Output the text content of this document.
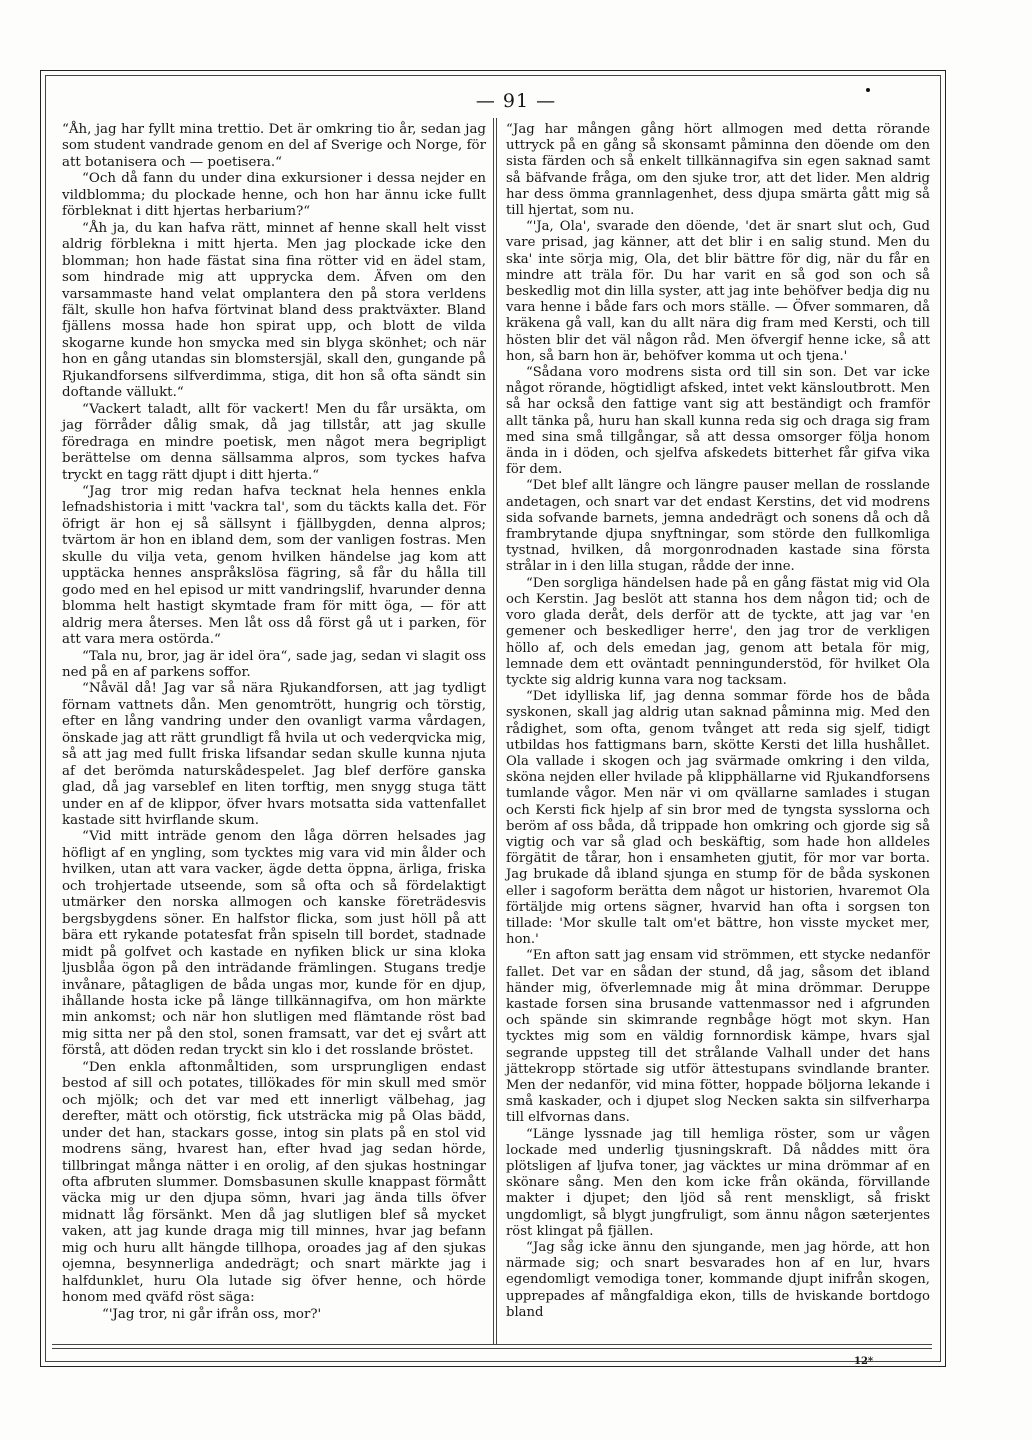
— 91 —

“Åh, jag har fyllt mina trettio. Det är omkring tio år, sedan jag som student vandrade genom en del af Sverige och Norge, för att botanisera och — poetisera.“

“Och då fann du under dina exkursioner i dessa nejder en vildblomma; du plockade henne, och hon har ännu icke fullt förbleknat i ditt hjertas herbarium?“

“Åh ja, du kan hafva rätt, minnet af henne skall helt visst aldrig förblekna i mitt hjerta. Men jag plockade icke den blomman; hon hade fästat sina fina rötter vid en ädel stam, som hindrade mig att upprycka dem. Äfven om den varsammaste hand velat omplantera den på stora verldens fält, skulle hon hafva förtvinat bland dess praktväxter. Bland fjällens mossa hade hon spirat upp, och blott de vilda skogarne kunde hon smycka med sin blyga skönhet; och när hon en gång utandas sin blomstersjäl, skall den, gungande på Rjukandforsens silfverdimma, stiga, dit hon så ofta sändt sin doftande vällukt.“

“Vackert taladt, allt för vackert! Men du får ursäkta, om jag förråder dålig smak, då jag tillstår, att jag skulle föredraga en mindre poetisk, men något mera begripligt berättelse om denna sällsamma alpros, som tyckes hafva tryckt en tagg rätt djupt i ditt hjerta.“

“Jag tror mig redan hafva tecknat hela hennes enkla lefnadshistoria i mitt 'vackra tal', som du täckts kalla det. För öfrigt är hon ej så sällsynt i fjällbygden, denna alpros; tvärtom är hon en ibland dem, som der vanligen fostras. Men skulle du vilja veta, genom hvilken händelse jag kom att upptäcka hennes anspråkslösa fägring, så får du hålla till godo med en hel episod ur mitt vandringslif, hvarunder denna blomma helt hastigt skymtade fram för mitt öga, — för att aldrig mera återses. Men låt oss då först gå ut i parken, för att vara mera ostörda.“

“Tala nu, bror, jag är idel öra“, sade jag, sedan vi slagit oss ned på en af parkens soffor.

“Nåväl då! Jag var så nära Rjukandforsen, att jag tydligt förnam vattnets dån. Men genomtrött, hungrig och törstig, efter en lång vandring under den ovanligt varma vårdagen, önskade jag att rätt grundligt få hvila ut och vederqvicka mig, så att jag med fullt friska lifsandar sedan skulle kunna njuta af det berömda naturskådespelet. Jag blef derföre ganska glad, då jag varseblef en liten torftig, men snygg stuga tätt under en af de klippor, öfver hvars motsatta sida vattenfallet kastade sitt hvirflande skum.

“Vid mitt inträde genom den låga dörren helsades jag höfligt af en yngling, som tycktes mig vara vid min ålder och hvilken, utan att vara vacker, ägde detta öppna, ärliga, friska och trohjertade utseende, som så ofta och så fördelaktigt utmärker den norska allmogen och kanske företrädesvis bergsbygdens söner. En halfstor flicka, som just höll på att bära ett rykande potatesfat från spiseln till bordet, stadnade midt på golfvet och kastade en nyfiken blick ur sina kloka ljusblåa ögon på den inträdande främlingen. Stugans tredje invånare, påtagligen de båda ungas mor, kunde för en djup, ihållande hosta icke på länge tillkännagifva, om hon märkte min ankomst; och när hon slutligen med flämtande röst bad mig sitta ner på den stol, sonen framsatt, var det ej svårt att förstå, att döden redan tryckt sin klo i det rosslande bröstet.

“Den enkla aftonmåltiden, som ursprungligen endast bestod af sill och potates, tillökades för min skull med smör och mjölk; och det var med ett innerligt välbehag, jag derefter, mätt och otörstig, fick utsträcka mig på Olas bädd, under det han, stackars gosse, intog sin plats på en stol vid modrens säng, hvarest han, efter hvad jag sedan hörde, tillbringat många nätter i en orolig, af den sjukas hostningar ofta afbruten slummer. Domsbasunen skulle knappast förmått väcka mig ur den djupa sömn, hvari jag ända tills öfver midnatt låg försänkt. Men då jag slutligen blef så mycket vaken, att jag kunde draga mig till minnes, hvar jag befann mig och huru allt hängde tillhopa, oroades jag af den sjukas ojemna, besynnerliga andedrägt; och snart märkte jag i halfdunklet, huru Ola lutade sig öfver henne, och hörde honom med qväfd röst säga:

“'Jag tror, ni går ifrån oss, mor?'

“Jag har mången gång hört allmogen med detta rörande uttryck på en gång så skonsamt påminna den döende om den sista färden och så enkelt tillkännagifva sin egen saknad samt så bäfvande fråga, om den sjuke tror, att det lider. Men aldrig har dess ömma grannlagenhet, dess djupa smärta gått mig så till hjertat, som nu.

“'Ja, Ola', svarade den döende, 'det är snart slut och, Gud vare prisad, jag känner, att det blir i en salig stund. Men du ska' inte sörja mig, Ola, det blir bättre för dig, när du får en mindre att träla för. Du har varit en så god son och så beskedlig mot din lilla syster, att jag inte behöfver bedja dig nu vara henne i både fars och mors ställe. — Öfver sommaren, då kräkena gå vall, kan du allt nära dig fram med Kersti, och till hösten blir det väl någon råd. Men öfvergif henne icke, så att hon, så barn hon är, behöfver komma ut och tjena.'

“Sådana voro modrens sista ord till sin son. Det var icke något rörande, högtidligt afsked, intet vekt känsloutbrott. Men så har också den fattige vant sig att beständigt och framför allt tänka på, huru han skall kunna reda sig och draga sig fram med sina små tillgångar, så att dessa omsorger följa honom ända in i döden, och sjelfva afskedets bitterhet får gifva vika för dem.

“Det blef allt längre och längre pauser mellan de rosslande andetagen, och snart var det endast Kerstins, det vid modrens sida sofvande barnets, jemna andedrägt och sonens då och då frambrytande djupa snyftningar, som störde den fullkomliga tystnad, hvilken, då morgonrodnaden kastade sina första strålar in i den lilla stugan, rådde der inne.

“Den sorgliga händelsen hade på en gång fästat mig vid Ola och Kerstin. Jag beslöt att stanna hos dem någon tid; och de voro glada deråt, dels derför att de tyckte, att jag var 'en gemener och beskedliger herre', den jag tror de verkligen höllo af, och dels emedan jag, genom att betala för mig, lemnade dem ett oväntadt penningunderstöd, för hvilket Ola tyckte sig aldrig kunna vara nog tacksam.

“Det idylliska lif, jag denna sommar förde hos de båda syskonen, skall jag aldrig utan saknad påminna mig. Med den rådighet, som ofta, genom tvånget att reda sig sjelf, tidigt utbildas hos fattigmans barn, skötte Kersti det lilla hushållet. Ola vallade i skogen och jag svärmade omkring i den vilda, sköna nejden eller hvilade på klipphällarne vid Rjukandforsens tumlande vågor. Men när vi om qvällarne samlades i stugan och Kersti fick hjelp af sin bror med de tyngsta sysslorna och beröm af oss båda, då trippade hon omkring och gjorde sig så vigtig och var så glad och beskäftig, som hade hon alldeles förgätit de tårar, hon i ensamheten gjutit, för mor var borta. Jag brukade då ibland sjunga en stump för de båda syskonen eller i sagoform berätta dem något ur historien, hvaremot Ola förtäljde mig ortens sägner, hvarvid han ofta i sorgsen ton tillade: 'Mor skulle talt om'et bättre, hon visste mycket mer, hon.'

“En afton satt jag ensam vid strömmen, ett stycke nedanför fallet. Det var en sådan der stund, då jag, såsom det ibland händer mig, öfverlemnade mig åt mina drömmar. Deruppe kastade forsen sina brusande vattenmassor ned i afgrunden och spände sin skimrande regnbåge högt mot skyn. Han tycktes mig som en väldig fornnordisk kämpe, hvars sjal segrande uppsteg till det strålande Valhall under det hans jättekropp störtade sig utför ättestupans svindlande branter. Men der nedanför, vid mina fötter, hoppade böljorna lekande i små kaskader, och i djupet slog Necken sakta sin silfverharpa till elfvornas dans.

“Länge lyssnade jag till hemliga röster, som ur vågen lockade med underlig tjusningskraft. Då nåddes mitt öra plötsligen af ljufva toner, jag väcktes ur mina drömmar af en skönare sång. Men den kom icke från okända, förvillande makter i djupet; den ljöd så rent menskligt, så friskt ungdomligt, så blygt jungfruligt, som ännu någon sæterjentes röst klingat på fjällen.

“Jag såg icke ännu den sjungande, men jag hörde, att hon närmade sig; och snart besvarades hon af en lur, hvars egendomligt vemodiga toner, kommande djupt inifrån skogen, upprepades af mångfaldiga ekon, tills de hviskande bortdogo bland

12*
